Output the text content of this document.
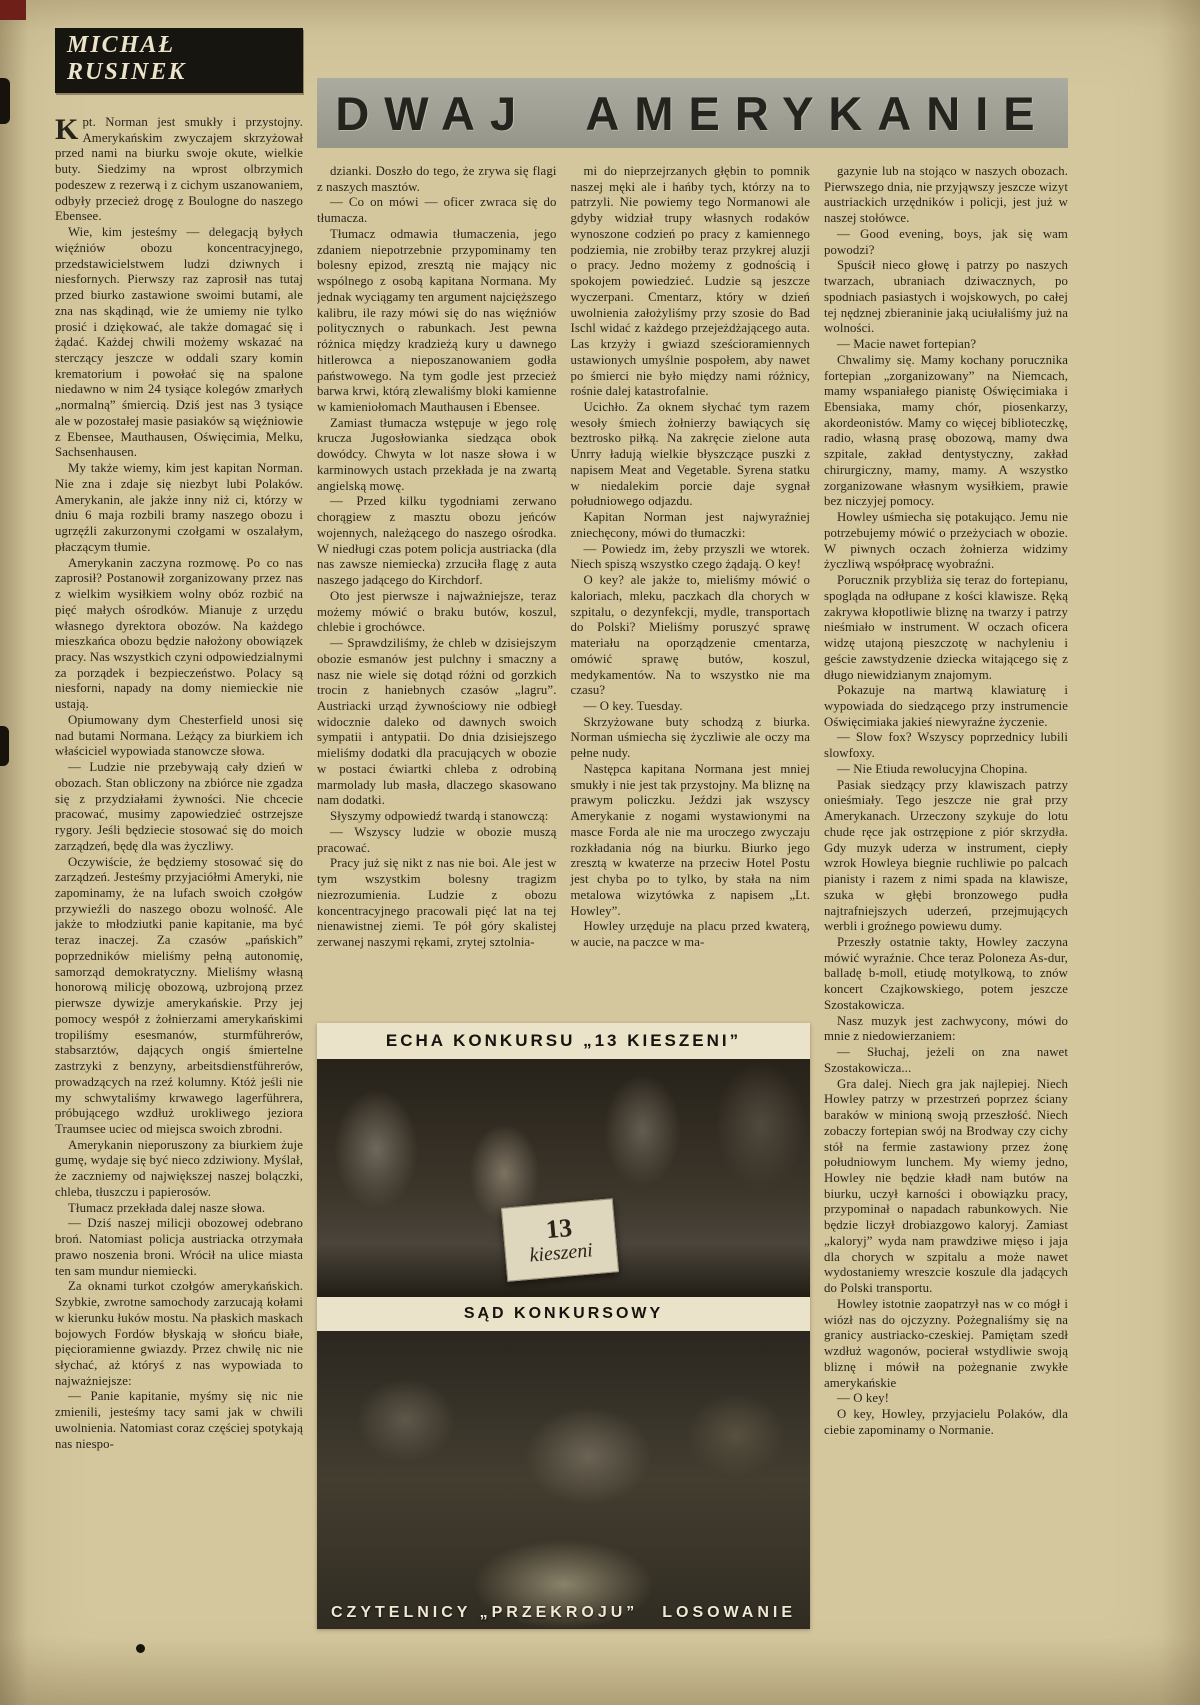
MICHAŁ RUSINEK

Kpt. Norman jest smukły i przystojny. Amerykańskim zwyczajem skrzyżował przed nami na biurku swoje okute, wielkie buty. Siedzimy na wprost olbrzymich podeszew z rezerwą i z cichym uszanowaniem, odbyły przecież drogę z Boulogne do naszego Ebensee.

Wie, kim jesteśmy — delegacją byłych więźniów obozu koncentracyjnego, przedstawicielstwem ludzi dziwnych i niesfornych. Pierwszy raz zaprosił nas tutaj przed biurko zastawione swoimi butami, ale zna nas skądinąd, wie że umiemy nie tylko prosić i dziękować, ale także domagać się i żądać. Każdej chwili możemy wskazać na sterczący jeszcze w oddali szary komin krematorium i powołać się na spalone niedawno w nim 24 tysiące kolegów zmarłych „normalną” śmiercią. Dziś jest nas 3 tysiące ale w pozostałej masie pasiaków są więźniowie z Ebensee, Mauthausen, Oświęcimia, Melku, Sachsenhausen.

My także wiemy, kim jest kapitan Norman. Nie zna i zdaje się niezbyt lubi Polaków. Amerykanin, ale jakże inny niż ci, którzy w dniu 6 maja rozbili bramy naszego obozu i ugrzęźli zakurzonymi czołgami w oszalałym, płaczącym tłumie.

Amerykanin zaczyna rozmowę. Po co nas zaprosił? Postanowił zorganizowany przez nas z wielkim wysiłkiem wolny obóz rozbić na pięć małych ośrodków. Mianuje z urzędu własnego dyrektora obozów. Na każdego mieszkańca obozu będzie nałożony obowiązek pracy. Nas wszystkich czyni odpowiedzialnymi za porządek i bezpieczeństwo. Polacy są niesforni, napady na domy niemieckie nie ustają.

Opiumowany dym Chesterfield unosi się nad butami Normana. Leżący za biurkiem ich właściciel wypowiada stanowcze słowa.

— Ludzie nie przebywają cały dzień w obozach. Stan obliczony na zbiórce nie zgadza się z przydziałami żywności. Nie chcecie pracować, musimy zapowiedzieć ostrzejsze rygory. Jeśli będziecie stosować się do moich zarządzeń, będę dla was życzliwy.

Oczywiście, że będziemy stosować się do zarządzeń. Jesteśmy przyjaciółmi Ameryki, nie zapominamy, że na lufach swoich czołgów przywieźli do naszego obozu wolność. Ale jakże to młodziutki panie kapitanie, ma być teraz inaczej. Za czasów „pańskich” poprzedników mieliśmy pełną autonomię, samorząd demokratyczny. Mieliśmy własną honorową milicję obozową, uzbrojoną przez pierwsze dywizje amerykańskie. Przy jej pomocy wespół z żołnierzami amerykańskimi tropiliśmy esesmanów, sturmführerów, stabsarztów, dających ongiś śmiertelne zastrzyki z benzyny, arbeitsdienstführerów, prowadzących na rzeź kolumny. Któż jeśli nie my schwytaliśmy krwawego lagerführera, próbującego wzdłuż urokliwego jeziora Traumsee uciec od miejsca swoich zbrodni.

Amerykanin nieporuszony za biurkiem żuje gumę, wydaje się być nieco zdziwiony. Myślał, że zaczniemy od największej naszej bolączki, chleba, tłuszczu i papierosów.

Tłumacz przekłada dalej nasze słowa.

— Dziś naszej milicji obozowej odebrano broń. Natomiast policja austriacka otrzymała prawo noszenia broni. Wrócił na ulice miasta ten sam mundur niemiecki.

Za oknami turkot czołgów amerykańskich. Szybkie, zwrotne samochody zarzucają kołami w kierunku łuków mostu. Na płaskich maskach bojowych Fordów błyskają w słońcu białe, pięcioramienne gwiazdy. Przez chwilę nic nie słychać, aż któryś z nas wypowiada to najważniejsze:

— Panie kapitanie, myśmy się nic nie zmienili, jesteśmy tacy sami jak w chwili uwolnienia. Natomiast coraz częściej spotykają nas niespo-

DWAJ AMERYKANIE

dzianki. Doszło do tego, że zrywa się flagi z naszych masztów.

— Co on mówi — oficer zwraca się do tłumacza.

Tłumacz odmawia tłumaczenia, jego zdaniem niepotrzebnie przypominamy ten bolesny epizod, zresztą nie mający nic wspólnego z osobą kapitana Normana. My jednak wyciągamy ten argument najcięższego kalibru, ile razy mówi się do nas więźniów politycznych o rabunkach. Jest pewna różnica między kradzieżą kury u dawnego hitlerowca a nieposzanowaniem godła państwowego. Na tym godle jest przecież barwa krwi, którą zlewaliśmy bloki kamienne w kamieniołomach Mauthausen i Ebensee.

Zamiast tłumacza wstępuje w jego rolę krucza Jugosłowianka siedząca obok dowódcy. Chwyta w lot nasze słowa i w karminowych ustach przekłada je na zwartą angielską mowę.

— Przed kilku tygodniami zerwano chorągiew z masztu obozu jeńców wojennych, należącego do naszego ośrodka. W niedługi czas potem policja austriacka (dla nas zawsze niemiecka) zrzuciła flagę z auta naszego jadącego do Kirchdorf.

Oto jest pierwsze i najważniejsze, teraz możemy mówić o braku butów, koszul, chlebie i grochówce.

— Sprawdziliśmy, że chleb w dzisiejszym obozie esmanów jest pulchny i smaczny a nasz nie wiele się dotąd różni od gorzkich trocin z haniebnych czasów „lagru”. Austriacki urząd żywnościowy nie odbiegł widocznie daleko od dawnych swoich sympatii i antypatii. Do dnia dzisiejszego mieliśmy dodatki dla pracujących w obozie w postaci ćwiartki chleba z odrobiną marmolady lub masła, dlaczego skasowano nam dodatki.

Słyszymy odpowiedź twardą i stanowczą:

— Wszyscy ludzie w obozie muszą pracować.

Pracy już się nikt z nas nie boi. Ale jest w tym wszystkim bolesny tragizm niezrozumienia. Ludzie z obozu koncentracyjnego pracowali pięć lat na tej nienawistnej ziemi. Te pół góry skalistej zerwanej naszymi rękami, zrytej sztolnia-

mi do nieprzejrzanych głębin to pomnik naszej męki ale i hańby tych, którzy na to patrzyli. Nie powiemy tego Normanowi ale gdyby widział trupy własnych rodaków wynoszone codzień po pracy z kamiennego podziemia, nie zrobiłby teraz przykrej aluzji o pracy. Jedno możemy z godnością i spokojem powiedzieć. Ludzie są jeszcze wyczerpani. Cmentarz, który w dzień uwolnienia założyliśmy przy szosie do Bad Ischl widać z każdego przejeżdżającego auta. Las krzyży i gwiazd sześcioramiennych ustawionych umyślnie pospołem, aby nawet po śmierci nie było między nami różnicy, rośnie dalej katastrofalnie.

Ucichło. Za oknem słychać tym razem wesoły śmiech żołnierzy bawiących się beztrosko piłką. Na zakręcie zielone auta Unrry ładują wielkie błyszczące puszki z napisem Meat and Vegetable. Syrena statku w niedalekim porcie daje sygnał południowego odjazdu.

Kapitan Norman jest najwyraźniej zniechęcony, mówi do tłumaczki:

— Powiedz im, żeby przyszli we wtorek. Niech spiszą wszystko czego żądają. O key!

O key? ale jakże to, mieliśmy mówić o kaloriach, mleku, paczkach dla chorych w szpitalu, o dezynfekcji, mydle, transportach do Polski? Mieliśmy poruszyć sprawę materiału na oporządzenie cmentarza, omówić sprawę butów, koszul, medykamentów. Na to wszystko nie ma czasu?

— O key. Tuesday.

Skrzyżowane buty schodzą z biurka. Norman uśmiecha się życzliwie ale oczy ma pełne nudy.

Następca kapitana Normana jest mniej smukły i nie jest tak przystojny. Ma bliznę na prawym policzku. Jeździ jak wszyscy Amerykanie z nogami wystawionymi na masce Forda ale nie ma uroczego zwyczaju rozkładania nóg na biurku. Biurko jego zresztą w kwaterze na przeciw Hotel Postu jest chyba po to tylko, by stała na nim metalowa wizytówka z napisem „Lt. Howley”.

Howley urzęduje na placu przed kwaterą, w aucie, na paczce w ma-

ECHA KONKURSU „13 KIESZENI”
13
kieszeni
SĄD KONKURSOWY
CZYTELNICY „PRZEKROJU” LOSOWANIE

gazynie lub na stojąco w naszych obozach. Pierwszego dnia, nie przyjąwszy jeszcze wizyt austriackich urzędników i policji, jest już w naszej stołówce.

— Good evening, boys, jak się wam powodzi?

Spuścił nieco głowę i patrzy po naszych twarzach, ubraniach dziwacznych, po spodniach pasiastych i wojskowych, po całej tej nędznej zbieraninie jaką uciułaliśmy już na wolności.

— Macie nawet fortepian?

Chwalimy się. Mamy kochany porucznika fortepian „zorganizowany” na Niemcach, mamy wspaniałego pianistę Oświęcimiaka i Ebensiaka, mamy chór, piosenkarzy, akordeonistów. Mamy co więcej biblioteczkę, radio, własną prasę obozową, mamy dwa szpitale, zakład dentystyczny, zakład chirurgiczny, mamy, mamy. A wszystko zorganizowane własnym wysiłkiem, prawie bez niczyjej pomocy.

Howley uśmiecha się potakująco. Jemu nie potrzebujemy mówić o przeżyciach w obozie. W piwnych oczach żołnierza widzimy życzliwą współpracę wyobraźni.

Porucznik przybliża się teraz do fortepianu, spogląda na odłupane z kości klawisze. Ręką zakrywa kłopotliwie bliznę na twarzy i patrzy nieśmiało w instrument. W oczach oficera widzę utajoną pieszczotę w nachyleniu i geście zawstydzenie dziecka witającego się z długo niewidzianym znajomym.

Pokazuje na martwą klawiaturę i wypowiada do siedzącego przy instrumencie Oświęcimiaka jakieś niewyraźne życzenie.

— Slow fox? Wszyscy poprzednicy lubili slowfoxy.

— Nie Etiuda rewolucyjna Chopina.

Pasiak siedzący przy klawiszach patrzy onieśmiały. Tego jeszcze nie grał przy Amerykanach. Urzeczony szykuje do lotu chude ręce jak ostrzępione z piór skrzydła. Gdy muzyk uderza w instrument, ciepły wzrok Howleya biegnie ruchliwie po palcach pianisty i razem z nimi spada na klawisze, szuka w głębi bronzowego pudła najtrafniejszych uderzeń, przejmujących werbli i groźnego powiewu dumy.

Przeszły ostatnie takty, Howley zaczyna mówić wyraźnie. Chce teraz Poloneza As-dur, balladę b-moll, etiudę motylkową, to znów koncert Czajkowskiego, potem jeszcze Szostakowicza.

Nasz muzyk jest zachwycony, mówi do mnie z niedowierzaniem:

— Słuchaj, jeżeli on zna nawet Szostakowicza...

Gra dalej. Niech gra jak najlepiej. Niech Howley patrzy w przestrzeń poprzez ściany baraków w minioną swoją przeszłość. Niech zobaczy fortepian swój na Brodway czy cichy stół na fermie zastawiony przez żonę południowym lunchem. My wiemy jedno, Howley nie będzie kładł nam butów na biurku, uczył karności i obowiązku pracy, przypominał o napadach rabunkowych. Nie będzie liczył drobiazgowo kaloryj. Zamiast „kaloryj” wyda nam prawdziwe mięso i jaja dla chorych w szpitalu a może nawet wydostaniemy wreszcie koszule dla jadących do Polski transportu.

Howley istotnie zaopatrzył nas w co mógł i wiózł nas do ojczyzny. Pożegnaliśmy się na granicy austriacko-czeskiej. Pamiętam szedł wzdłuż wagonów, pocierał wstydliwie swoją bliznę i mówił na pożegnanie zwykłe amerykańskie

— O key!

O key, Howley, przyjacielu Polaków, dla ciebie zapominamy o Normanie.
